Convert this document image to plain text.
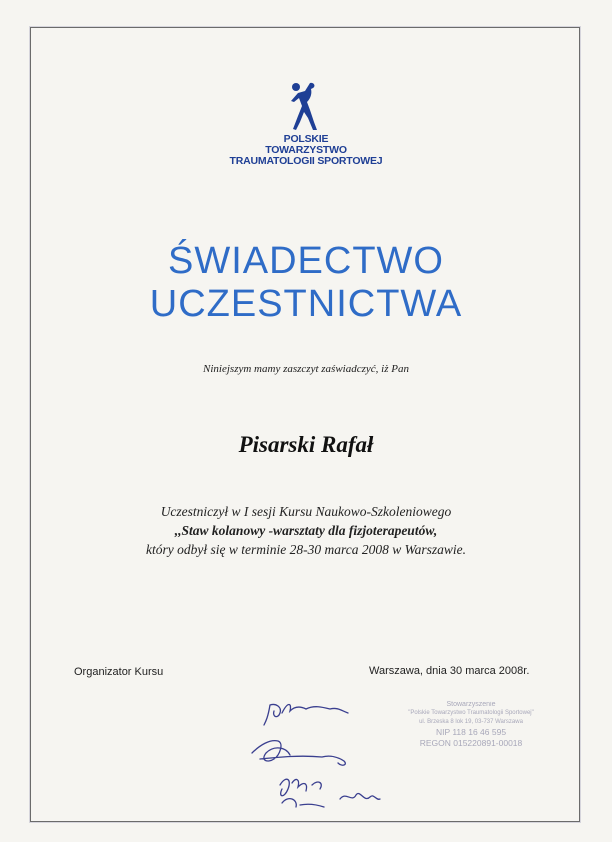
POLSKIE
TOWARZYSTWO
TRAUMATOLOGII SPORTOWEJ
ŚWIADECTWO
UCZESTNICTWA
Niniejszym mamy zaszczyt zaświadczyć, iż Pan
Pisarski Rafał
Uczestniczył w I sesji Kursu Naukowo-Szkoleniowego
,,Staw kolanowy -warsztaty dla fizjoterapeutów,
który odbył się w terminie 28-30 marca 2008 w Warszawie.
Organizator Kursu	Warszawa, dnia 30 marca 2008r.
Stowarzyszenie
"Polskie Towarzystwo Traumatologii Sportowej"
ul. Brzeska 8 lok 19, 03-737 Warszawa
NIP 118 16 46 595
REGON 015220891-00018
